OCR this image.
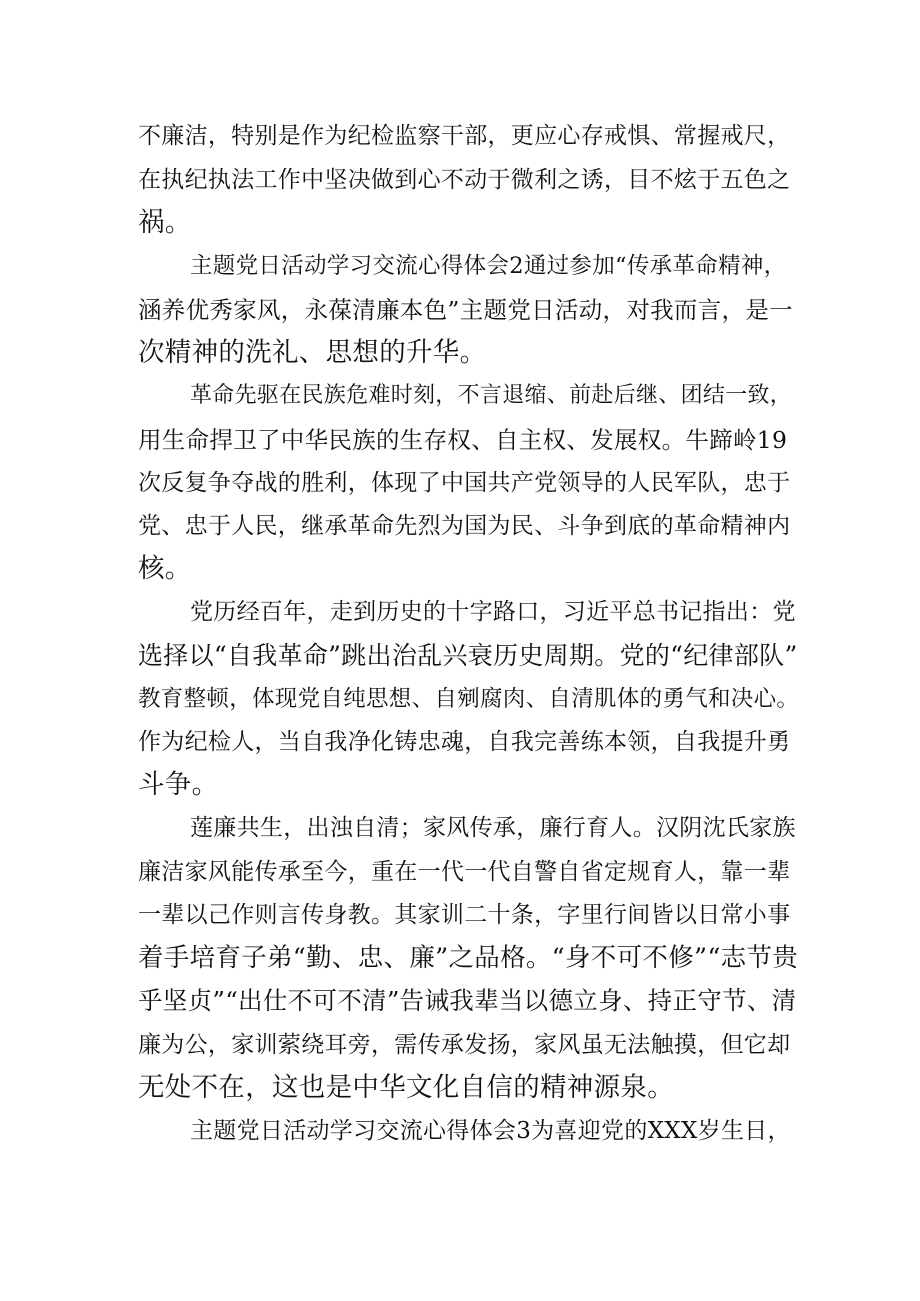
不廉洁，特别是作为纪检监察干部，更应心存戒惧、常握戒尺，
在执纪执法工作中坚决做到心不动于微利之诱，目不炫于五色之
祸。
主题党日活动学习交流心得体会2通过参加“传承革命精神，
涵养优秀家风，永葆清廉本色”主题党日活动，对我而言，是一
次精神的洗礼、思想的升华。
革命先驱在民族危难时刻，不言退缩、前赴后继、团结一致，
用生命捍卫了中华民族的生存权、自主权、发展权。牛蹄岭19
次反复争夺战的胜利，体现了中国共产党领导的人民军队，忠于
党、忠于人民，继承革命先烈为国为民、斗争到底的革命精神内
核。
党历经百年，走到历史的十字路口，习近平总书记指出：党
选择以“自我革命”跳出治乱兴衰历史周期。党的“纪律部队”
教育整顿，体现党自纯思想、自剜腐肉、自清肌体的勇气和决心。
作为纪检人，当自我净化铸忠魂，自我完善练本领，自我提升勇
斗争。
莲廉共生，出浊自清；家风传承，廉行育人。汉阴沈氏家族
廉洁家风能传承至今，重在一代一代自警自省定规育人，靠一辈
一辈以己作则言传身教。其家训二十条，字里行间皆以日常小事
着手培育子弟“勤、忠、廉”之品格。“身不可不修”“志节贵
乎坚贞”“出仕不可不清”告诫我辈当以德立身、持正守节、清
廉为公，家训萦绕耳旁，需传承发扬，家风虽无法触摸，但它却
无处不在，这也是中华文化自信的精神源泉。
主题党日活动学习交流心得体会3为喜迎党的XXX岁生日，
